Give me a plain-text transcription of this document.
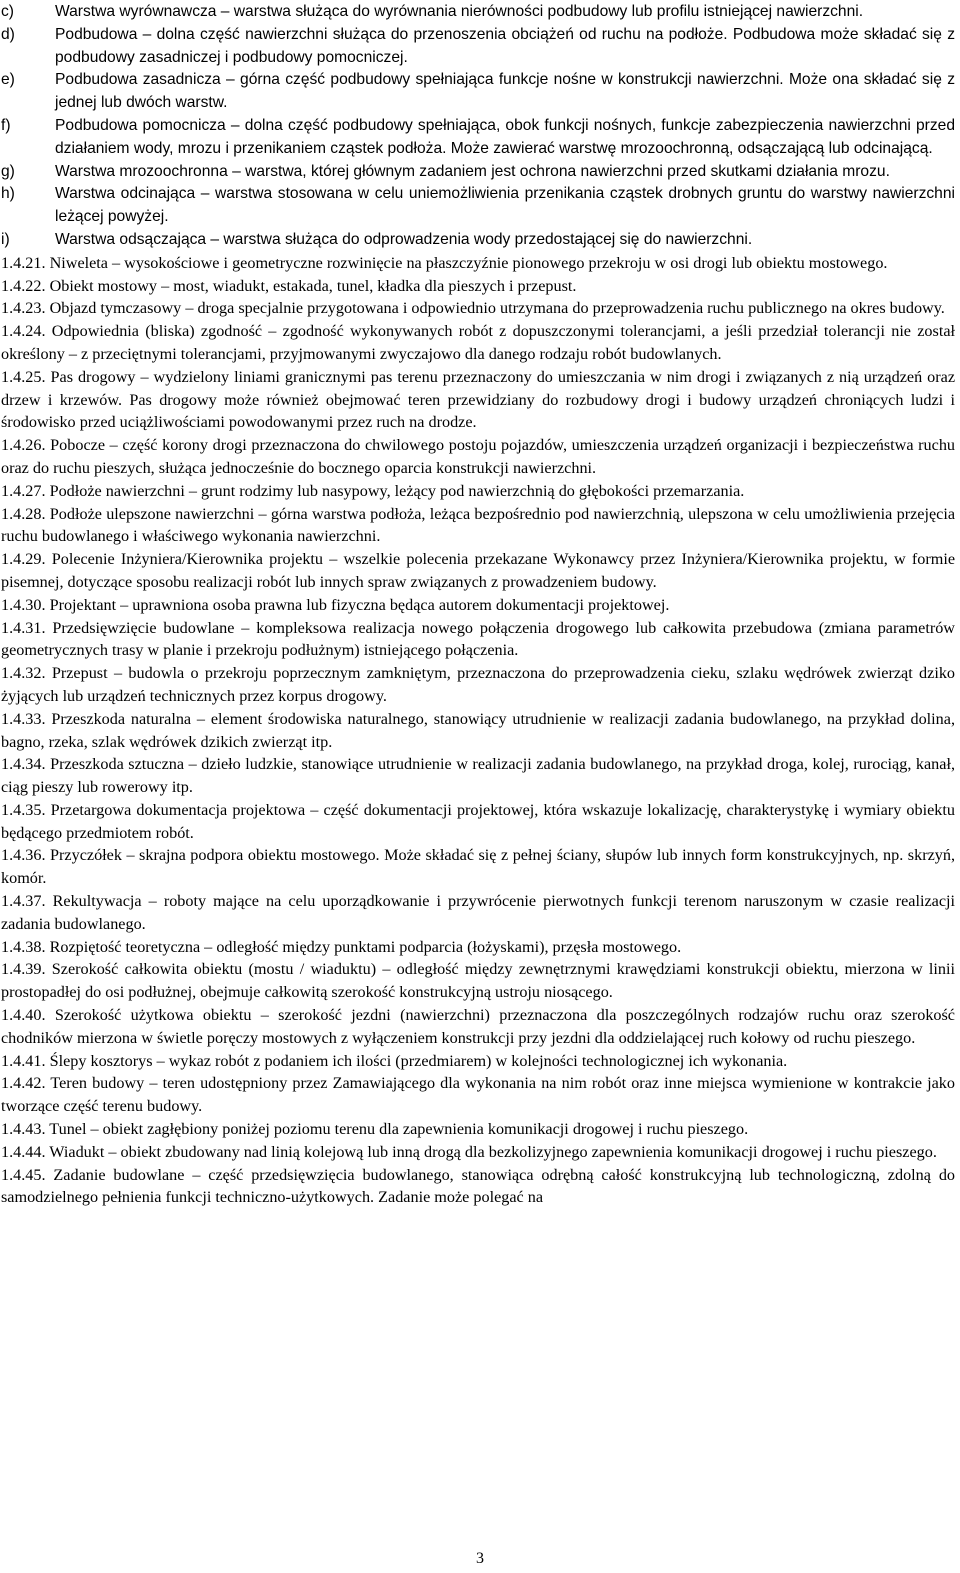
c)	Warstwa wyrównawcza – warstwa służąca do wyrównania nierówności podbudowy lub profilu istniejącej nawierzchni.
d)	Podbudowa – dolna część nawierzchni służąca do przenoszenia obciążeń od ruchu na podłoże. Podbudowa może składać się z podbudowy zasadniczej i podbudowy pomocniczej.
e)	Podbudowa zasadnicza – górna część podbudowy spełniająca funkcje nośne w konstrukcji nawierzchni. Może ona składać się z jednej lub dwóch warstw.
f)	Podbudowa pomocnicza – dolna część podbudowy spełniająca, obok funkcji nośnych, funkcje zabezpieczenia nawierzchni przed działaniem wody, mrozu i przenikaniem cząstek podłoża. Może zawierać warstwę mrozoochronną, odsączającą lub odcinającą.
g)	Warstwa mrozoochronna – warstwa, której głównym zadaniem jest ochrona nawierzchni przed skutkami działania mrozu.
h)	Warstwa odcinająca – warstwa stosowana w celu uniemożliwienia przenikania cząstek drobnych gruntu do warstwy nawierzchni leżącej powyżej.
i)	Warstwa odsączająca – warstwa służąca do odprowadzenia wody przedostającej się do nawierzchni.
1.4.21. Niweleta – wysokościowe i geometryczne rozwinięcie na płaszczyźnie pionowego przekroju w osi drogi lub obiektu mostowego.
1.4.22. Obiekt mostowy – most, wiadukt, estakada, tunel, kładka dla pieszych i przepust.
1.4.23. Objazd tymczasowy – droga specjalnie przygotowana i odpowiednio utrzymana do przeprowadzenia ruchu publicznego na okres budowy.
1.4.24. Odpowiednia (bliska) zgodność – zgodność wykonywanych robót z dopuszczonymi tolerancjami, a jeśli przedział tolerancji nie został określony – z przeciętnymi tolerancjami, przyjmowanymi zwyczajowo dla danego rodzaju robót budowlanych.
1.4.25. Pas drogowy – wydzielony liniami granicznymi pas terenu przeznaczony do umieszczania w nim drogi i związanych z nią urządzeń oraz drzew i krzewów. Pas drogowy może również obejmować teren przewidziany do rozbudowy drogi i budowy urządzeń chroniących ludzi i środowisko przed uciążliwościami powodowanymi przez ruch na drodze.
1.4.26. Pobocze – część korony drogi przeznaczona do chwilowego postoju pojazdów, umieszczenia urządzeń organizacji i bezpieczeństwa ruchu oraz do ruchu pieszych, służąca jednocześnie do bocznego oparcia konstrukcji nawierzchni.
1.4.27. Podłoże nawierzchni – grunt rodzimy lub nasypowy, leżący pod nawierzchnią do głębokości przemarzania.
1.4.28. Podłoże ulepszone nawierzchni – górna warstwa podłoża, leżąca bezpośrednio pod nawierzchnią, ulepszona w celu umożliwienia przejęcia ruchu budowlanego i właściwego wykonania nawierzchni.
1.4.29. Polecenie Inżyniera/Kierownika projektu – wszelkie polecenia przekazane Wykonawcy przez Inżyniera/Kierownika projektu, w formie pisemnej, dotyczące sposobu realizacji robót lub innych spraw związanych z prowadzeniem budowy.
1.4.30. Projektant – uprawniona osoba prawna lub fizyczna będąca autorem dokumentacji projektowej.
1.4.31. Przedsięwzięcie budowlane – kompleksowa realizacja nowego połączenia drogowego lub całkowita przebudowa (zmiana parametrów geometrycznych trasy w planie i przekroju podłużnym) istniejącego połączenia.
1.4.32. Przepust – budowla o przekroju poprzecznym zamkniętym, przeznaczona do przeprowadzenia cieku, szlaku wędrówek zwierząt dziko żyjących lub urządzeń technicznych przez korpus drogowy.
1.4.33. Przeszkoda naturalna – element środowiska naturalnego, stanowiący utrudnienie w realizacji zadania budowlanego, na przykład dolina, bagno, rzeka, szlak wędrówek dzikich zwierząt itp.
1.4.34. Przeszkoda sztuczna – dzieło ludzkie, stanowiące utrudnienie w realizacji zadania budowlanego, na przykład droga, kolej, rurociąg, kanał, ciąg pieszy lub rowerowy itp.
1.4.35. Przetargowa dokumentacja projektowa – część dokumentacji projektowej, która wskazuje lokalizację, charakterystykę i wymiary obiektu będącego przedmiotem robót.
1.4.36. Przyczółek – skrajna podpora obiektu mostowego. Może składać się z pełnej ściany, słupów lub innych form konstrukcyjnych, np. skrzyń, komór.
1.4.37. Rekultywacja – roboty mające na celu uporządkowanie i przywrócenie pierwotnych funkcji terenom naruszonym w czasie realizacji zadania budowlanego.
1.4.38. Rozpiętość teoretyczna – odległość między punktami podparcia (łożyskami), przęsła mostowego.
1.4.39. Szerokość całkowita obiektu (mostu / wiaduktu) – odległość między zewnętrznymi krawędziami konstrukcji obiektu, mierzona w linii prostopadłej do osi podłużnej, obejmuje całkowitą szerokość konstrukcyjną ustroju niosącego.
1.4.40. Szerokość użytkowa obiektu – szerokość jezdni (nawierzchni) przeznaczona dla poszczególnych rodzajów ruchu oraz szerokość chodników mierzona w świetle poręczy mostowych z wyłączeniem konstrukcji przy jezdni dla oddzielającej ruch kołowy od ruchu pieszego.
1.4.41. Ślepy kosztorys – wykaz robót z podaniem ich ilości (przedmiarem) w kolejności technologicznej ich wykonania.
1.4.42. Teren budowy – teren udostępniony przez Zamawiającego dla wykonania na nim robót oraz inne miejsca wymienione w kontrakcie jako tworzące część terenu budowy.
1.4.43. Tunel – obiekt zagłębiony poniżej poziomu terenu dla zapewnienia komunikacji drogowej i ruchu pieszego.
1.4.44. Wiadukt – obiekt zbudowany nad linią kolejową lub inną drogą dla bezkolizyjnego zapewnienia komunikacji drogowej i ruchu pieszego.
1.4.45. Zadanie budowlane – część przedsięwzięcia budowlanego, stanowiąca odrębną całość konstrukcyjną lub technologiczną, zdolną do samodzielnego pełnienia funkcji techniczno-użytkowych. Zadanie może polegać na
3
